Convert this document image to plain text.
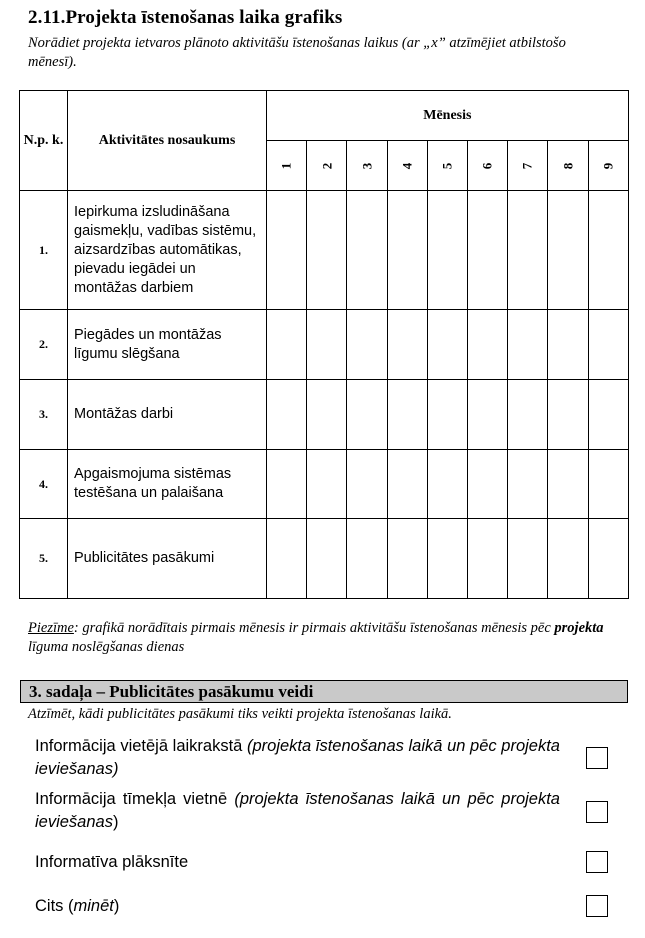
2.11.Projekta īstenošanas laika grafiks
Norādiet projekta ietvaros plānoto aktivitāšu īstenošanas laikus (ar „x” atzīmējiet atbilstošo mēnesī).
N.p. k.	Aktivitātes nosaukums	Mēnesis								
		1	2	3	4	5	6	7	8	9
1.	Iepirkuma izsludināšana gaismekļu, vadības sistēmu, aizsardzības automātikas, pievadu iegādei un montāžas darbiem									
2.	Piegādes un montāžas līgumu slēgšana									
3.	Montāžas darbi									
4.	Apgaismojuma sistēmas testēšana un palaišana									
5.	Publicitātes pasākumi									
Piezīme: grafikā norādītais pirmais mēnesis ir pirmais aktivitāšu īstenošanas mēnesis pēc projekta līguma noslēgšanas dienas
3. sadaļa – Publicitātes pasākumu veidi
Atzīmēt, kādi publicitātes pasākumi tiks veikti projekta īstenošanas laikā.
Informācija vietējā laikrakstā (projekta īstenošanas laikā un pēc projekta ieviešanas)
Informācija tīmekļa vietnē (projekta īstenošanas laikā un pēc projekta ieviešanas)
Informatīva plāksnīte
Cits (minēt)
